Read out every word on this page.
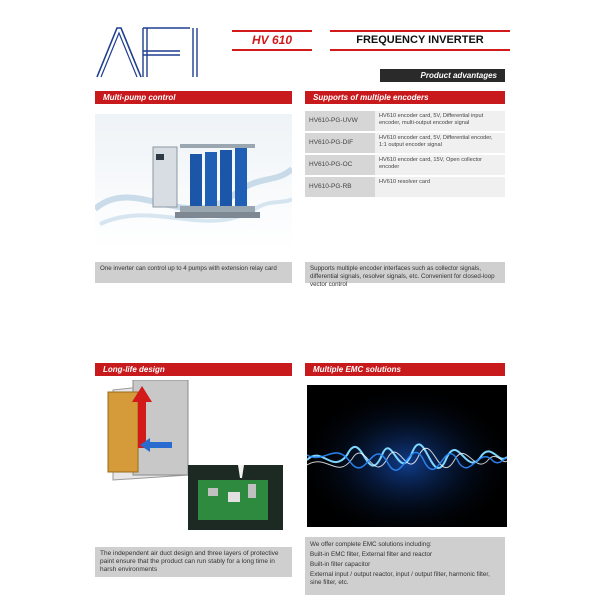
HV 610	FREQUENCY INVERTER
Product advantages
Multi-pump control
One inverter can control up to 4 pumps with extension relay card
Supports of multiple encoders
HV610-PG-UVW
HV610 encoder card, 5V, Differential input encoder, multi-output encoder signal
HV610-PG-DIF
HV610 encoder card, 5V, Differential encoder, 1:1 output encoder signal
HV610-PG-OC
HV610 encoder card, 15V, Open collector encoder
HV610-PG-RB
HV610 resolver card
Supports multiple encoder interfaces such as collector signals, differential signals, resolver signals, etc. Convenient for closed-loop vector control
Long-life design
The independent air duct design and three layers of protective paint ensure that the product can run stably for a long time in harsh environments
Multiple EMC solutions
We offer complete EMC solutions including:
Built-in EMC filter, External filter and reactor
Built-in filter capacitor
External input / output reactor, input / output filter, harmonic filter, sine filter, etc.
